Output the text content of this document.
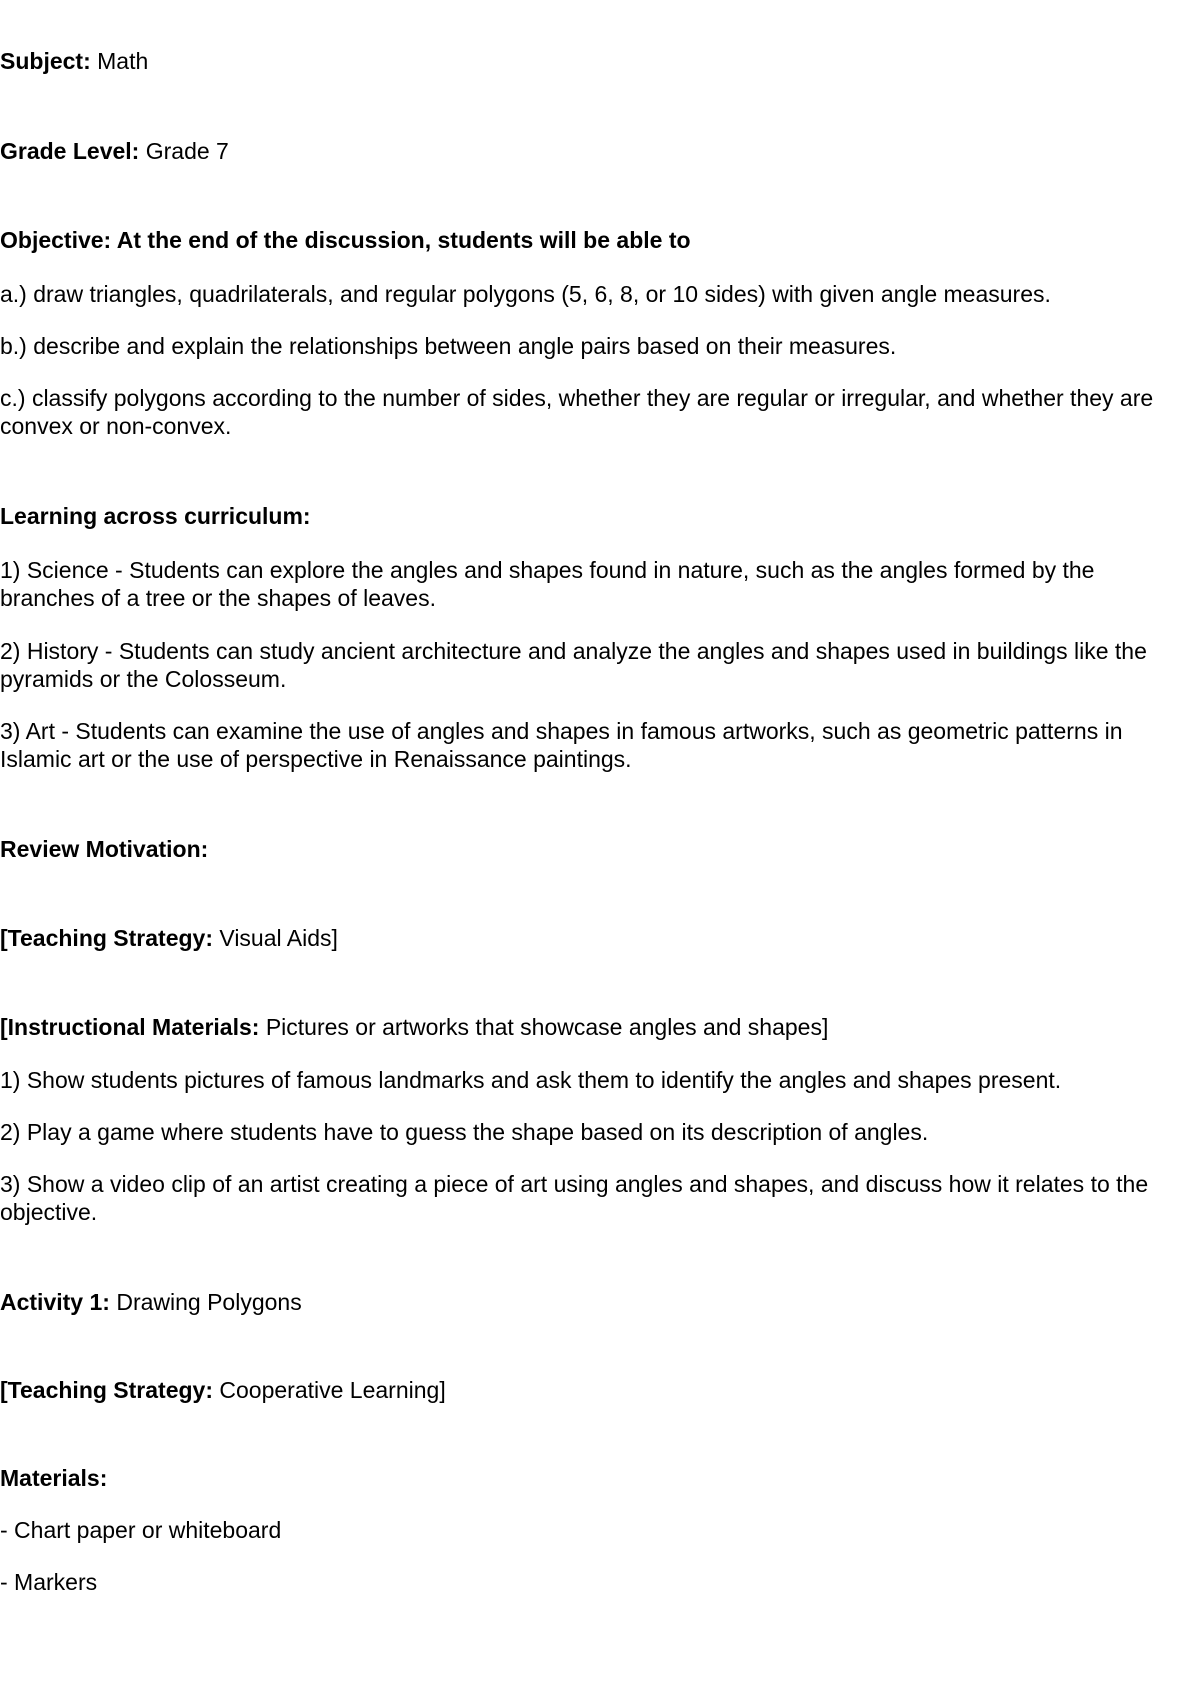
Subject: Math

Grade Level: Grade 7

Objective: At the end of the discussion, students will be able to

a.) draw triangles, quadrilaterals, and regular polygons (5, 6, 8, or 10 sides) with given angle measures.

b.) describe and explain the relationships between angle pairs based on their measures.

c.) classify polygons according to the number of sides, whether they are regular or irregular, and whether they are convex or non-convex.

Learning across curriculum:

1) Science - Students can explore the angles and shapes found in nature, such as the angles formed by the branches of a tree or the shapes of leaves.

2) History - Students can study ancient architecture and analyze the angles and shapes used in buildings like the pyramids or the Colosseum.

3) Art - Students can examine the use of angles and shapes in famous artworks, such as geometric patterns in Islamic art or the use of perspective in Renaissance paintings.

Review Motivation:

[Teaching Strategy: Visual Aids]

[Instructional Materials: Pictures or artworks that showcase angles and shapes]

1) Show students pictures of famous landmarks and ask them to identify the angles and shapes present.

2) Play a game where students have to guess the shape based on its description of angles.

3) Show a video clip of an artist creating a piece of art using angles and shapes, and discuss how it relates to the objective.

Activity 1: Drawing Polygons

[Teaching Strategy: Cooperative Learning]

Materials:

- Chart paper or whiteboard

- Markers
